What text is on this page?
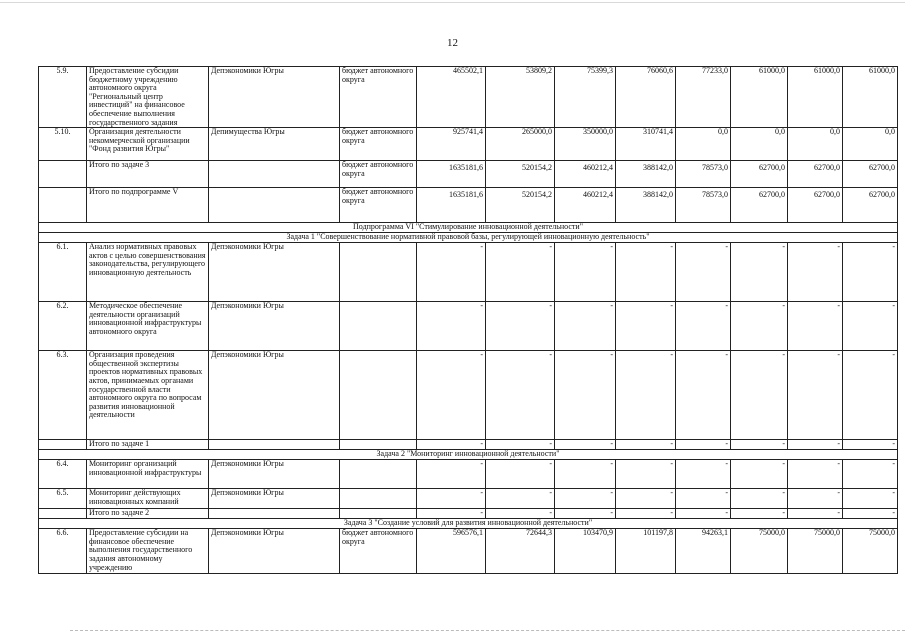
12
5.9.	Предоставление субсидии бюджетному учреждению автономного округа "Региональный центр инвестиций" на финансовое обеспечение выполнения государственного задания	Депэкономики Югры	бюджет автономного округа	465502,1	53809,2	75399,3	76060,6	77233,0	61000,0	61000,0	61000,0
5.10.	Организация деятельности некоммерческой организации "Фонд развития Югры"	Депимущества Югры	бюджет автономного округа	925741,4	265000,0	350000,0	310741,4	0,0	0,0	0,0	0,0
	Итого по задаче 3		бюджет автономного округа	1635181,6	520154,2	460212,4	388142,0	78573,0	62700,0	62700,0	62700,0
	Итого по подпрограмме V		бюджет автономного округа	1635181,6	520154,2	460212,4	388142,0	78573,0	62700,0	62700,0	62700,0
Подпрограмма VI "Стимулирование инновационной деятельности"											
Задача 1 "Совершенствование нормативной правовой базы, регулирующей инновационную деятельность"											
6.1.	Анализ нормативных правовых актов с целью совершенствования законодательства, регулирующего инновационную деятельность	Депэкономики Югры		-	-	-	-	-	-	-	-
6.2.	Методическое обеспечение деятельности организаций инновационной инфраструктуры автономного округа	Депэкономики Югры		-	-	-	-	-	-	-	-
6.3.	Организация проведения общественной экспертизы проектов нормативных правовых актов, принимаемых органами государственной власти автономного округа по вопросам развития инновационной деятельности	Депэкономики Югры		-	-	-	-	-	-	-	-
	Итого по задаче 1			-	-	-	-	-	-	-	-
Задача 2 "Мониторинг инновационной деятельности"											
6.4.	Мониторинг организаций инновационной инфраструктуры	Депэкономики Югры		-	-	-	-	-	-	-	-
6.5.	Мониторинг действующих инновационных компаний	Депэкономики Югры		-	-	-	-	-	-	-	-
	Итого по задаче 2			-	-	-	-	-	-	-	-
Задача 3 "Создание условий для развития инновационной деятельности"											
6.6.	Предоставление субсидии на финансовое обеспечение выполнения государственного задания автономному учреждению	Депэкономики Югры	бюджет автономного округа	596576,1	72644,3	103470,9	101197,8	94263,1	75000,0	75000,0	75000,0
